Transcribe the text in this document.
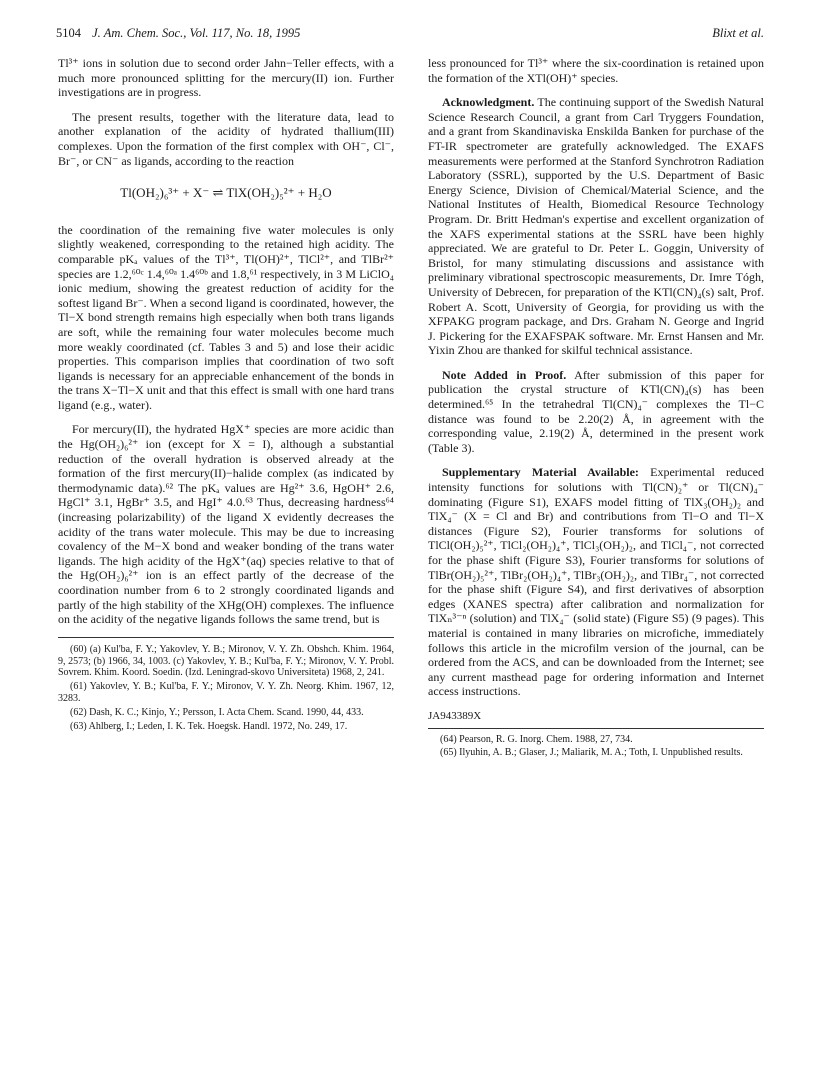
5104 J. Am. Chem. Soc., Vol. 117, No. 18, 1995	Blixt et al.

Tl³⁺ ions in solution due to second order Jahn−Teller effects, with a much more pronounced splitting for the mercury(II) ion. Further investigations are in progress.

The present results, together with the literature data, lead to another explanation of the acidity of hydrated thallium(III) complexes. Upon the formation of the first complex with OH⁻, Cl⁻, Br⁻, or CN⁻ as ligands, according to the reaction

Tl(OH₂)₆³⁺ + X⁻ ⇌ TlX(OH₂)₅²⁺ + H₂O

the coordination of the remaining five water molecules is only slightly weakened, corresponding to the retained high acidity. The comparable pKₐ values of the Tl³⁺, Tl(OH)²⁺, TlCl²⁺, and TlBr²⁺ species are 1.2,⁶⁰ᶜ 1.4,⁶⁰ᵃ 1.4⁶⁰ᵇ and 1.8,⁶¹ respectively, in 3 M LiClO₄ ionic medium, showing the greatest reduction of acidity for the softest ligand Br⁻. When a second ligand is coordinated, however, the Tl−X bond strength remains high especially when both trans ligands are soft, while the remaining four water molecules become much more weakly coordinated (cf. Tables 3 and 5) and lose their acidic properties. This comparison implies that coordination of two soft ligands is necessary for an appreciable enhancement of the bonds in the trans X−Tl−X unit and that this effect is small with one hard trans ligand (e.g., water).

For mercury(II), the hydrated HgX⁺ species are more acidic than the Hg(OH₂)₆²⁺ ion (except for X = I), although a substantial reduction of the overall hydration is observed already at the formation of the first mercury(II)−halide complex (as indicated by thermodynamic data).⁶² The pKₐ values are Hg²⁺ 3.6, HgOH⁺ 2.6, HgCl⁺ 3.1, HgBr⁺ 3.5, and HgI⁺ 4.0.⁶³ Thus, decreasing hardness⁶⁴ (increasing polarizability) of the ligand X evidently decreases the acidity of the trans water molecule. This may be due to increasing covalency of the M−X bond and weaker bonding of the trans water ligands. The high acidity of the HgX⁺(aq) species relative to that of the Hg(OH₂)₆²⁺ ion is an effect partly of the decrease of the coordination number from 6 to 2 strongly coordinated ligands and partly of the high stability of the XHg(OH) complexes. The influence on the acidity of the negative ligands follows the same trend, but is

(60) (a) Kul'ba, F. Y.; Yakovlev, Y. B.; Mironov, V. Y. Zh. Obshch. Khim. 1964, 9, 2573; (b) 1966, 34, 1003. (c) Yakovlev, Y. B.; Kul'ba, F. Y.; Mironov, V. Y. Probl. Sovrem. Khim. Koord. Soedin. (Izd. Leningrad-skovo Universiteta) 1968, 2, 241.
(61) Yakovlev, Y. B.; Kul'ba, F. Y.; Mironov, V. Y. Zh. Neorg. Khim. 1967, 12, 3283.
(62) Dash, K. C.; Kinjo, Y.; Persson, I. Acta Chem. Scand. 1990, 44, 433.
(63) Ahlberg, I.; Leden, I. K. Tek. Hoegsk. Handl. 1972, No. 249, 17.

less pronounced for Tl³⁺ where the six-coordination is retained upon the formation of the XTl(OH)⁺ species.

Acknowledgment. The continuing support of the Swedish Natural Science Research Council, a grant from Carl Tryggers Foundation, and a grant from Skandinaviska Enskilda Banken for purchase of the FT-IR spectrometer are gratefully acknowledged. The EXAFS measurements were performed at the Stanford Synchrotron Radiation Laboratory (SSRL), supported by the U.S. Department of Basic Energy Science, Division of Chemical/Material Science, and the National Institutes of Health, Biomedical Resource Technology Program. Dr. Britt Hedman's expertise and excellent organization of the XAFS experimental stations at the SSRL have been highly appreciated. We are grateful to Dr. Peter L. Goggin, University of Bristol, for many stimulating discussions and assistance with preliminary vibrational spectroscopic measurements, Dr. Imre Tógh, University of Debrecen, for preparation of the KTl(CN)₄(s) salt, Prof. Robert A. Scott, University of Georgia, for providing us with the XFPAKG program package, and Drs. Graham N. George and Ingrid J. Pickering for the EXAFSPAK software. Mr. Ernst Hansen and Mr. Yixin Zhou are thanked for skilful technical assistance.

Note Added in Proof. After submission of this paper for publication the crystal structure of KTl(CN)₄(s) has been determined.⁶⁵ In the tetrahedral Tl(CN)₄⁻ complexes the Tl−C distance was found to be 2.20(2) Å, in agreement with the corresponding value, 2.19(2) Å, determined in the present work (Table 3).

Supplementary Material Available: Experimental reduced intensity functions for solutions with Tl(CN)₂⁺ or Tl(CN)₄⁻ dominating (Figure S1), EXAFS model fitting of TlX₃(OH₂)₂ and TlX₄⁻ (X = Cl and Br) and contributions from Tl−O and Tl−X distances (Figure S2), Fourier transforms for solutions of TlCl(OH₂)₅²⁺, TlCl₂(OH₂)₄⁺, TlCl₃(OH₂)₂, and TlCl₄⁻, not corrected for the phase shift (Figure S3), Fourier transforms for solutions of TlBr(OH₂)₅²⁺, TlBr₂(OH₂)₄⁺, TlBr₃(OH₂)₂, and TlBr₄⁻, not corrected for the phase shift (Figure S4), and first derivatives of absorption edges (XANES spectra) after calibration and normalization for TlXₙ³⁻ⁿ (solution) and TlX₄⁻ (solid state) (Figure S5) (9 pages). This material is contained in many libraries on microfiche, immediately follows this article in the microfilm version of the journal, can be ordered from the ACS, and can be downloaded from the Internet; see any current masthead page for ordering information and Internet access instructions.

JA943389X
(64) Pearson, R. G. Inorg. Chem. 1988, 27, 734.
(65) Ilyuhin, A. B.; Glaser, J.; Maliarik, M. A.; Toth, I. Unpublished results.
